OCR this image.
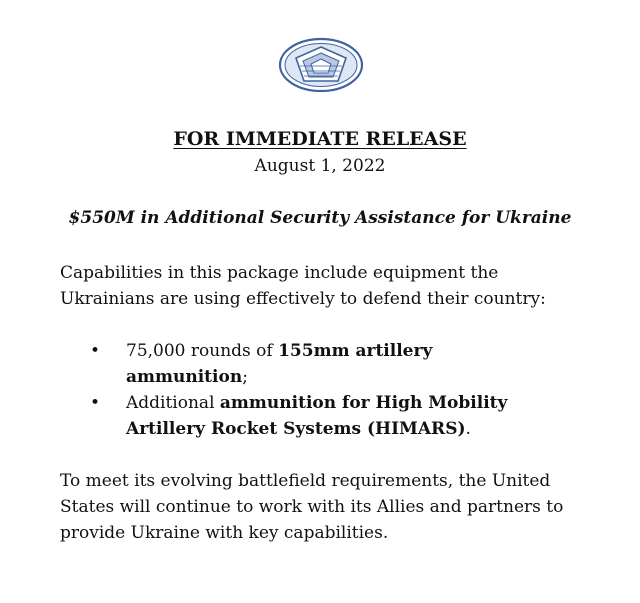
FOR IMMEDIATE RELEASE
August 1, 2022
$550M in Additional Security Assistance for Ukraine

Capabilities in this package include equipment the
Ukrainians are using effectively to defend their country:

• 75,000 rounds of 155mm artillery
ammunition;
• Additional ammunition for High Mobility
Artillery Rocket Systems (HIMARS).

To meet its evolving battlefield requirements, the United
States will continue to work with its Allies and partners to
provide Ukraine with key capabilities.
